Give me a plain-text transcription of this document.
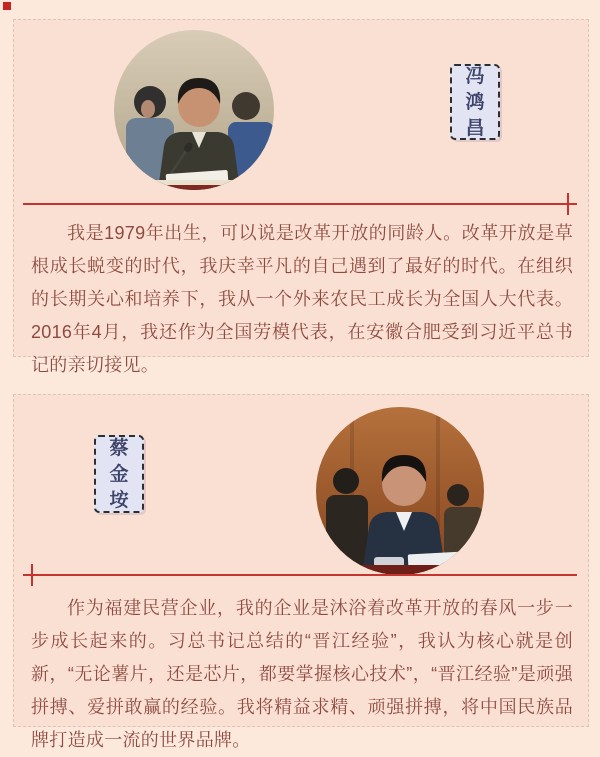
冯
鸿
昌

我是1979年出生，可以说是改革开放的同龄人。改革开放是草根成长蜕变的时代，我庆幸平凡的自己遇到了最好的时代。在组织的长期关心和培养下，我从一个外来农民工成长为全国人大代表。2016年4月，我还作为全国劳模代表，在安徽合肥受到习近平总书记的亲切接见。

蔡
金
垵

作为福建民营企业，我的企业是沐浴着改革开放的春风一步一步成长起来的。习总书记总结的“晋江经验”，我认为核心就是创新，“无论薯片，还是芯片，都要掌握核心技术”，“晋江经验”是顽强拼搏、爱拼敢赢的经验。我将精益求精、顽强拼搏，将中国民族品牌打造成一流的世界品牌。
